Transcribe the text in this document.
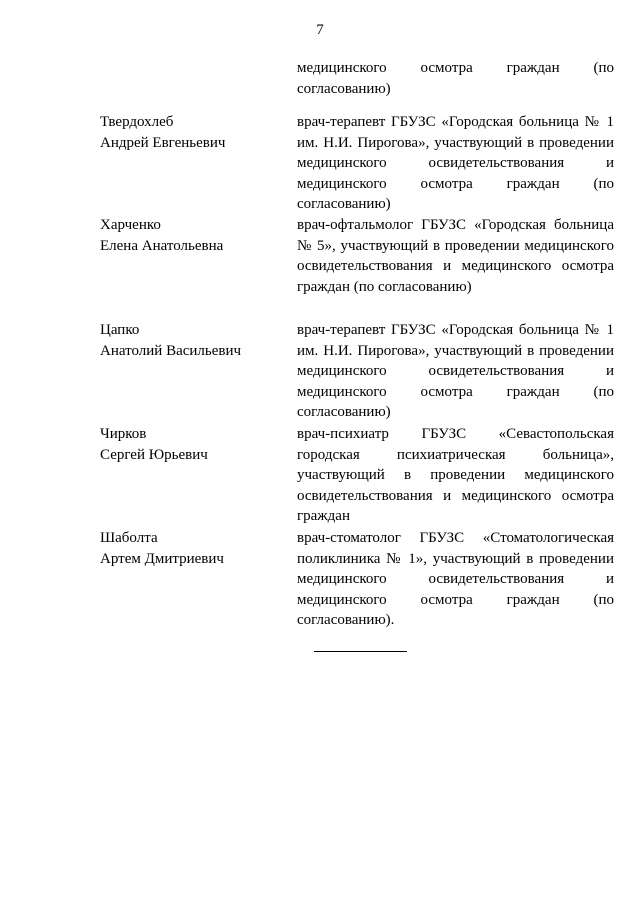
7
медицинского осмотра граждан (по согласованию)
Твердохлеб
Андрей Евгеньевич
врач-терапевт ГБУЗС «Городская больница № 1 им. Н.И. Пирогова», участвующий в проведении медицинского освидетельствования и медицинского осмотра граждан (по согласованию)
Харченко
Елена Анатольевна
врач-офтальмолог ГБУЗС «Городская больница № 5», участвующий в проведении медицинского освидетельствования и медицинского осмотра граждан (по согласованию)
Цапко
Анатолий Васильевич
врач-терапевт ГБУЗС «Городская больница № 1 им. Н.И. Пирогова», участвующий в проведении медицинского освидетельствования и медицинского осмотра граждан (по согласованию)
Чирков
Сергей Юрьевич
врач-психиатр ГБУЗС «Севастопольская городская психиатрическая больница», участвующий в проведении медицинского освидетельствования и медицинского осмотра граждан
Шаболта
Артем Дмитриевич
врач-стоматолог ГБУЗС «Стоматологическая поликлиника № 1», участвующий в проведении медицинского освидетельствования и медицинского осмотра граждан (по согласованию).
